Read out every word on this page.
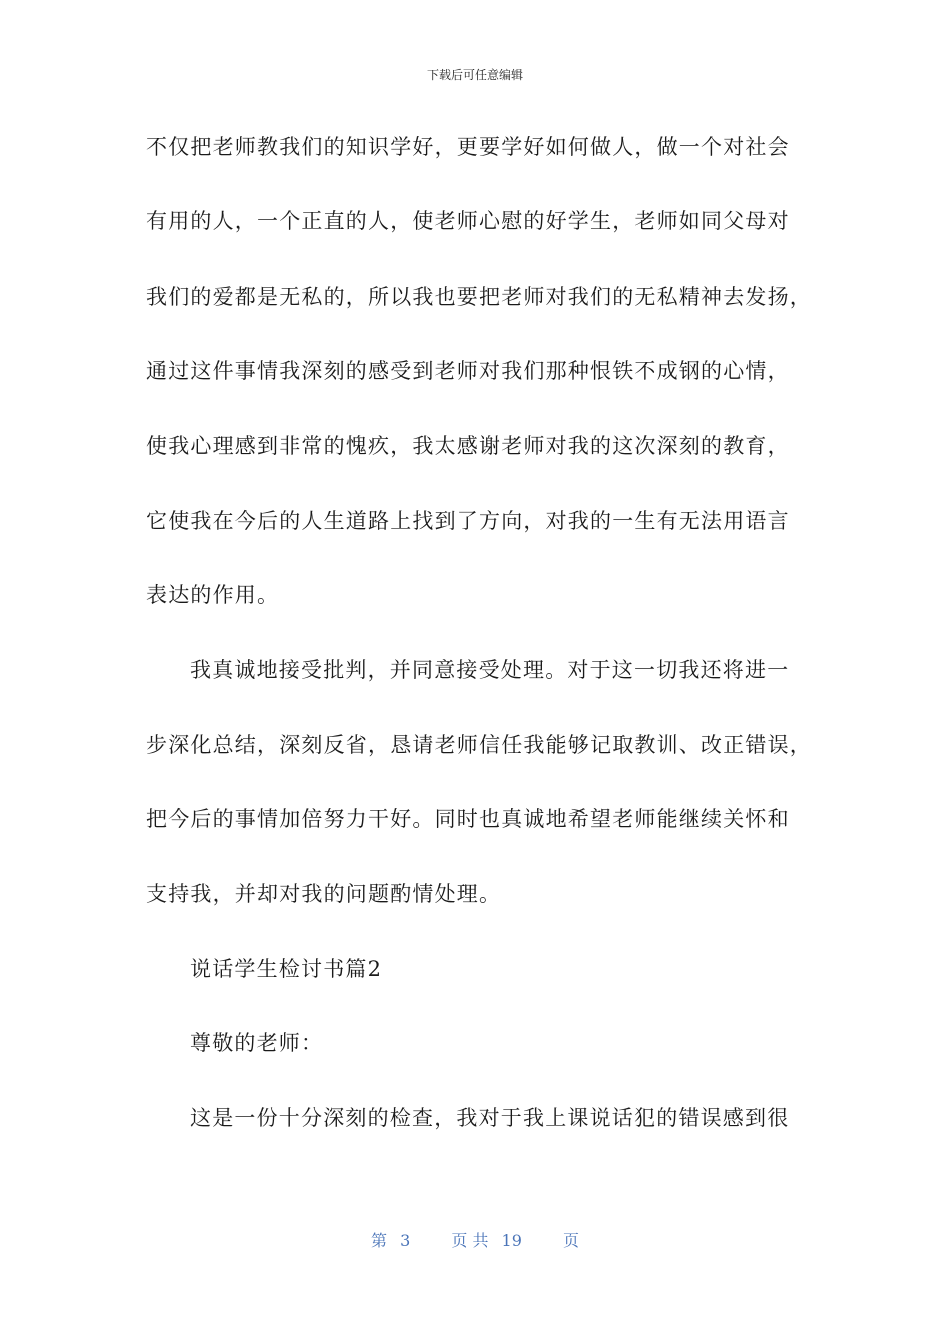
下载后可任意编辑
不仅把老师教我们的知识学好，更要学好如何做人，做一个对社会
有用的人，一个正直的人，使老师心慰的好学生，老师如同父母对
我们的爱都是无私的，所以我也要把老师对我们的无私精神去发扬，
通过这件事情我深刻的感受到老师对我们那种恨铁不成钢的心情，
使我心理感到非常的愧疚，我太感谢老师对我的这次深刻的教育，
它使我在今后的人生道路上找到了方向，对我的一生有无法用语言
表达的作用。
我真诚地接受批判，并同意接受处理。对于这一切我还将进一
步深化总结，深刻反省，恳请老师信任我能够记取教训、改正错误，
把今后的事情加倍努力干好。同时也真诚地希望老师能继续关怀和
支持我，并却对我的问题酌情处理。
说话学生检讨书篇2
尊敬的老师：
这是一份十分深刻的检查，我对于我上课说话犯的错误感到很
第 3	页 共 19	页
